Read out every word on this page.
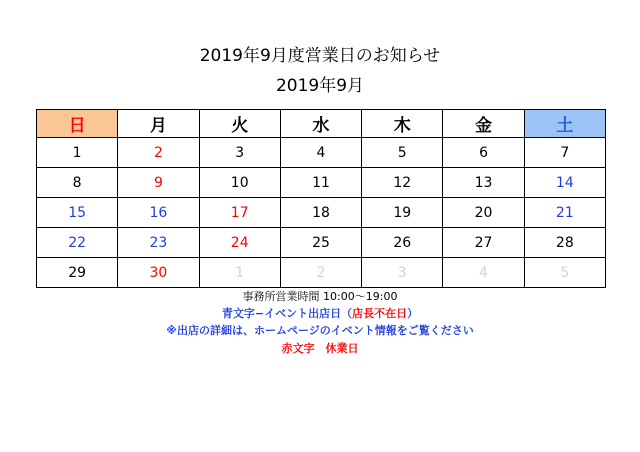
2019年9月度営業日のお知らせ
2019年9月
日	月	火	水	木	金	土
1	2	3	4	5	6	7
8	9	10	11	12	13	14
15	16	17	18	19	20	21
22	23	24	25	26	27	28
29	30	1	2	3	4	5
事務所営業時間 10:00～19:00
青文字−イベント出店日（店長不在日）
※出店の詳細は、ホームページのイベント情報をご覧ください
赤文字　休業日
